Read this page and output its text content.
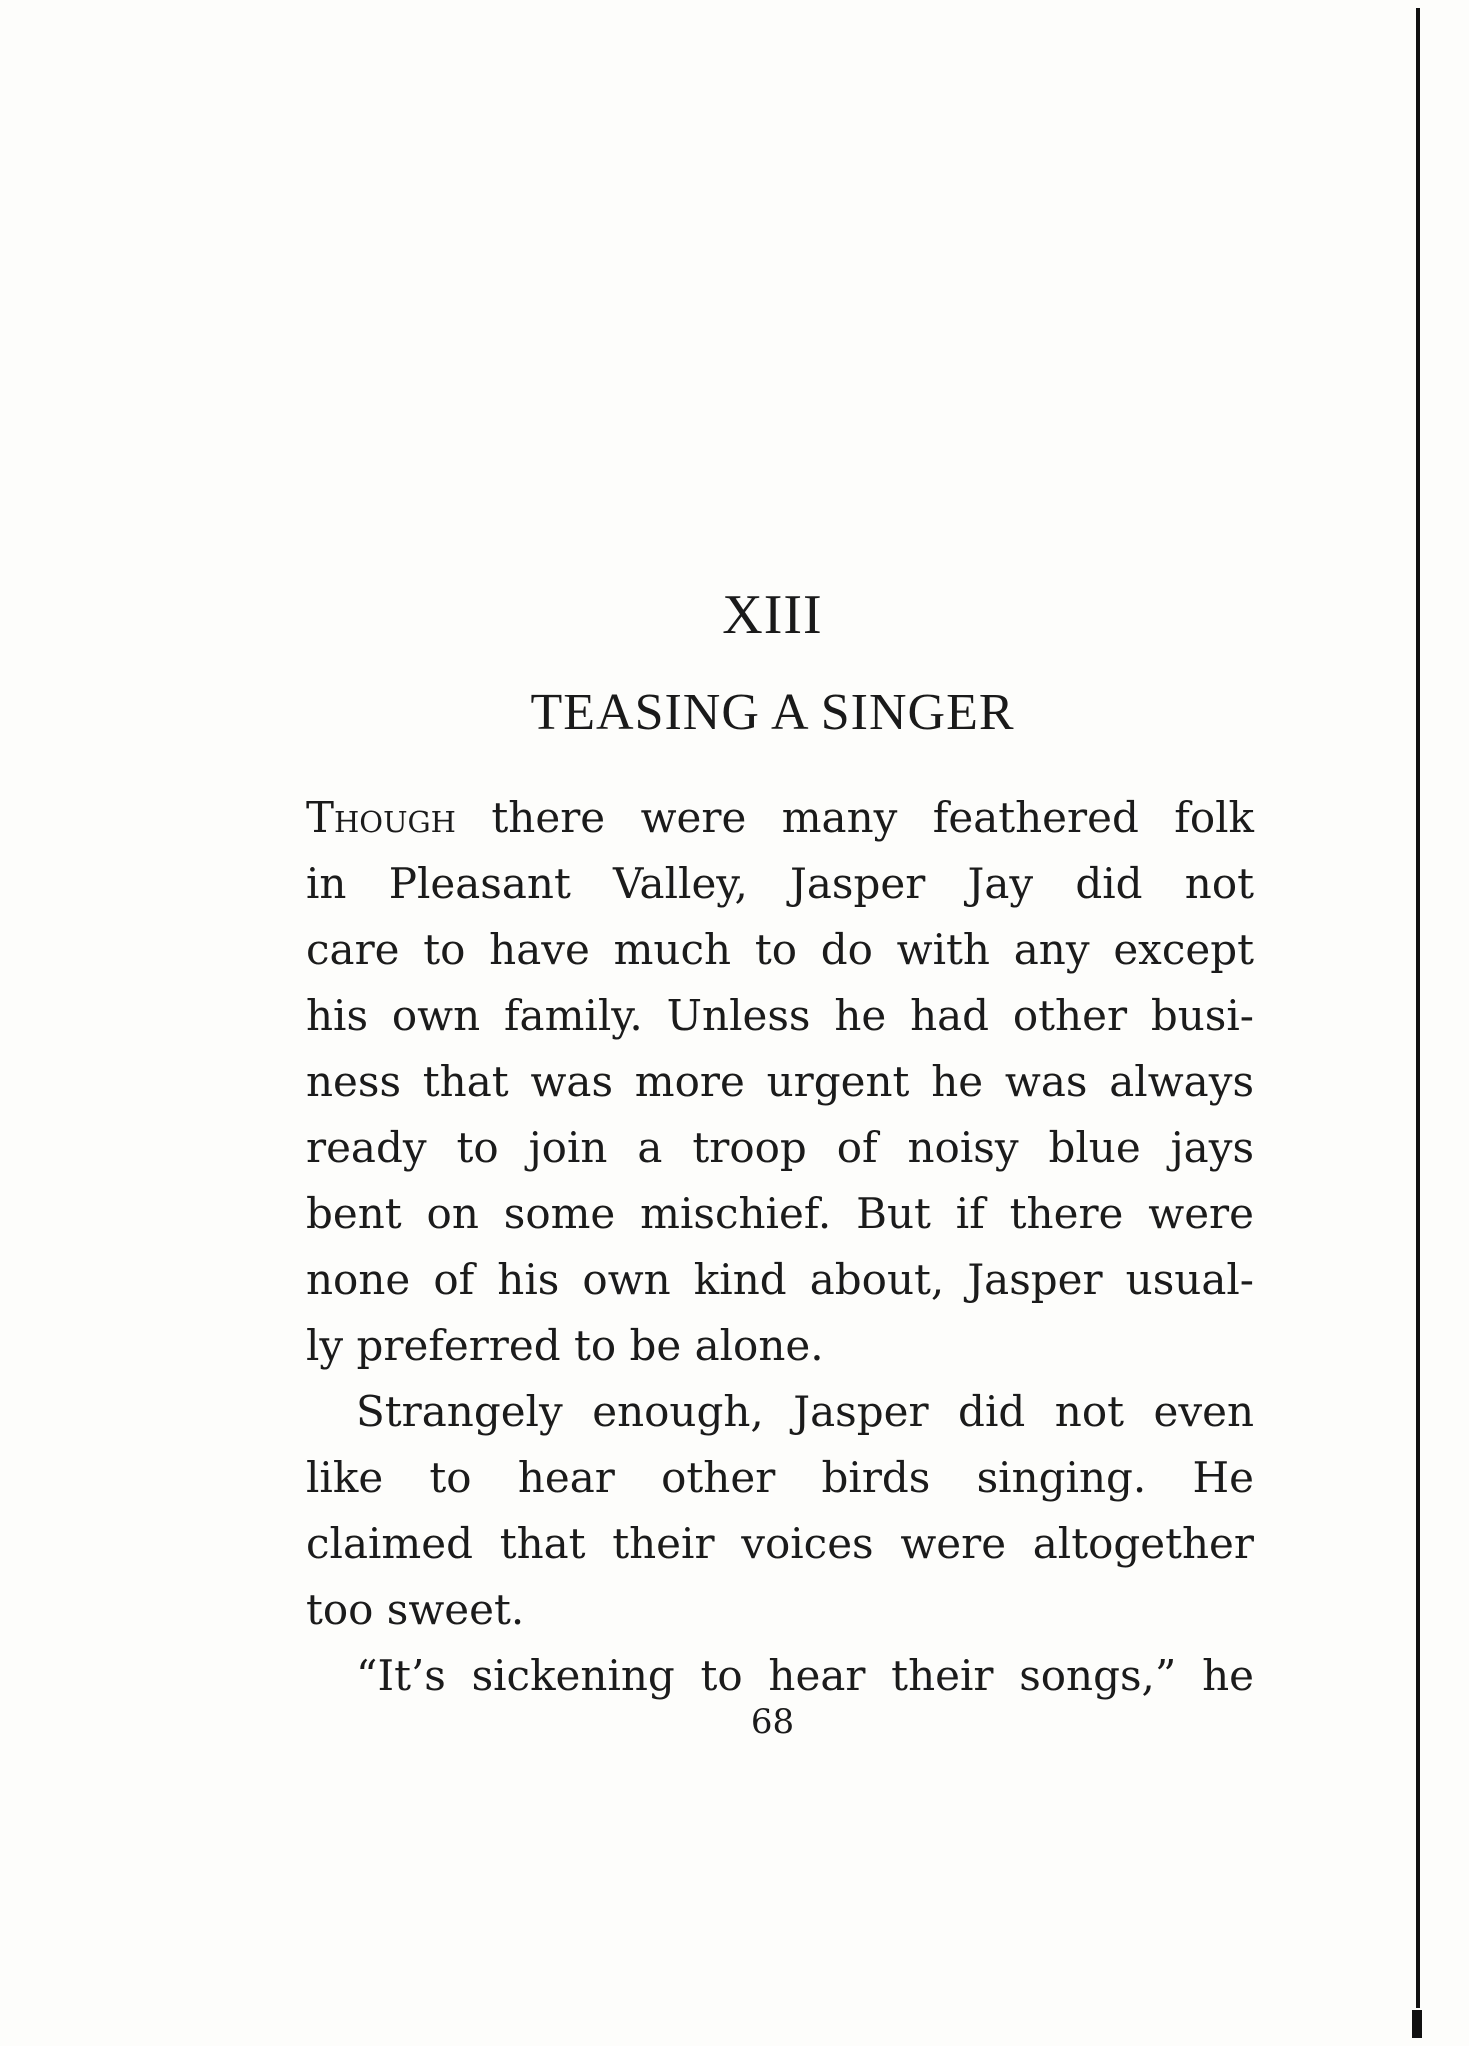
XIII
TEASING A SINGER
Though there were many feathered folk
in Pleasant Valley, Jasper Jay did not
care to have much to do with any except
his own family. Unless he had other busi-
ness that was more urgent he was always
ready to join a troop of noisy blue jays
bent on some mischief. But if there were
none of his own kind about, Jasper usual-
ly preferred to be alone.
Strangely enough, Jasper did not even
like to hear other birds singing. He
claimed that their voices were altogether
too sweet.
“It’s sickening to hear their songs,” he
68
